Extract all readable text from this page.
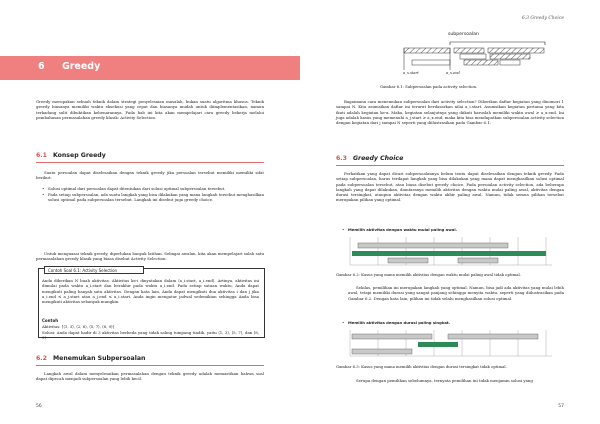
6 Greedy

Greedy merupakan sebuah teknik dalam strategi penyelesaian masalah, bukan suatu algoritma khusus. Teknik greedy biasanya memiliki waktu eksekusi yang cepat dan biasanya mudah untuk diimplementasikan, namun terkadang sulit dibuktikan kebenarannya. Pada bab ini kita akan mempelajari cara greedy bekerja melalui pembahasan permasalahan greedy klasik: Activity Selection.

6.1 Konsep Greedy

Suatu persoalan dapat diselesaikan dengan teknik greedy jika persoalan tersebut memiliki memiliki sifat berikut:

• Solusi optimal dari persoalan dapat ditentukan dari solusi optimal subpersoalan tersebut.

• Pada setiap subpersoalan, ada suatu langkah yang bisa dilakukan yang mana langkah tersebut menghasilkan solusi optimal pada subpersoalan tersebut. Langkah ini disebut juga greedy choice.

Untuk menguasai teknik greedy, diperlukan banyak latihan. Sebagai awalan, kita akan mempelajari salah satu permasalahan greedy klasik yang biasa disebut Activity Selection.

Contoh Soal 6.1: Activity Selection

Anda diberikan N buah aktivitas. Aktivitas ke-i dinyatakan dalam ⟨a_i.start, a_i.end⟩. Artinya, aktivitas ini dimulai pada waktu a_i.start dan berakhir pada waktu a_i.end. Pada setiap satuan waktu, Anda dapat mengikuti paling banyak satu aktivitas. Dengan kata lain, Anda dapat mengikuti dua aktivitas i dan j jika a_i.end ≤ a_j.start atau a_j.end ≤ a_i.start. Anda ingin mengatur jadwal sedemikian sehingga Anda bisa mengikuti aktivitas sebanyak mungkin.

Contoh

Aktivitas: [⟨1, 3⟩, ⟨2, 6⟩, ⟨5, 7⟩, ⟨8, 9⟩]

Solusi: Anda dapat hadir di 3 aktivitas berbeda yang tidak saling tumpang tindih, yaitu ⟨1, 3⟩, ⟨5, 7⟩, dan ⟨8, 9⟩

6.2 Menemukan Subpersoalan

Langkah awal dalam menyelesaikan permasalahan dengan teknik greedy adalah memastikan bahwa soal dapat dipecah menjadi subpersoalan yang lebih kecil.

56
6.3 Greedy Choice
subpersoalan
a_x.start	a_x.end
Gambar 6.1: Subpersoalan pada activity selection.

Bagaimana cara menemukan subpersoalan dari activity selection? Diberikan daftar kegiatan yang dinomori 1 sampai N. Kita asumsikan daftar ini terurut berdasarkan nilai a_i.start. Asumsikan kegiatan pertama yang kita ikuti adalah kegiatan ke-x. Maka, kegiatan selanjutnya yang diikuti haruslah memiliki waktu awal ≥ a_x.end. Ini juga adalah kasus yang memenuhi a_j.start ≥ a_x.end, maka kita bisa mendapatkan subpersoalan activity selection dengan kegiatan dari j sampai N seperti yang diilustrasikan pada Gambar 6.1.

6.3 Greedy Choice

Perhatikan yang dapat dicari subpersoalannya belum tentu dapat diselesaikan dengan teknik greedy. Pada setiap subpersoalan, harus terdapat langkah yang bisa dilakukan yang mana dapat menghasilkan solusi optimal pada subpersoalan tersebut, atau biasa disebut greedy choice. Pada persoalan activity selection, ada beberapa langkah yang dapat dilakukan, diantaranya memilih aktivitas dengan waktu mulai paling awal, aktivitas dengan durasi tersingkat, ataupun aktivitas dengan waktu akhir paling awal. Namun, tidak semua pilihan tersebut merupakan pilihan yang optimal.

• Memilih aktivitas dengan waktu mulai paling awal.
Gambar 6.2: Kasus yang mana memilih aktivitas dengan waktu mulai paling awal tidak optimal.

Sekilas, pemilihan ini merupakan langkah yang optimal. Namun, bisa jadi ada aktivitas yang mulai lebih awal, tetapi memiliki durasi yang sangat panjang sehingga menyita waktu, seperti yang diilustrasikan pada Gambar 6.2. Dengan kata lain, pilihan ini tidak selalu menghasilkan solusi optimal.

• Memilih aktivitas dengan durasi paling singkat.
Gambar 6.3: Kasus yang mana memilih aktivitas dengan durasi tersingkat tidak optimal.

Serupa dengan pemilihan sebelumnya, ternyata pemilihan ini tidak menjamin solusi yang

57
